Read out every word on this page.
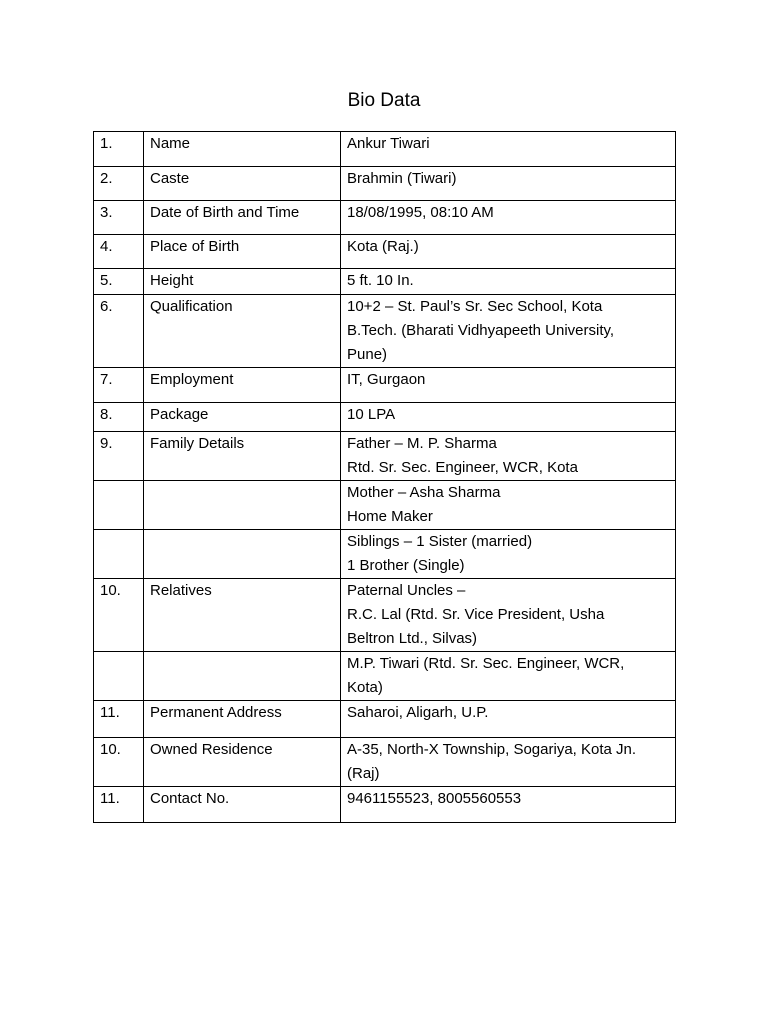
Bio Data
1.	Name	Ankur Tiwari

2.	Caste	Brahmin (Tiwari)

3.	Date of Birth and Time	18/08/1995, 08:10 AM

4.	Place of Birth	Kota (Raj.)

5.	Height	5 ft. 10 In.

6.	Qualification	10+2 – St. Paul’s Sr. Sec School, Kota
B.Tech. (Bharati Vidhyapeeth University,
Pune)

7.	Employment	IT, Gurgaon

8.	Package	10 LPA

9.	Family Details	Father – M. P. Sharma
Rtd. Sr. Sec. Engineer, WCR, Kota

		Mother – Asha Sharma
Home Maker

		Siblings – 1 Sister (married)
1 Brother (Single)

10.	Relatives	Paternal Uncles –
R.C. Lal (Rtd. Sr. Vice President, Usha
Beltron Ltd., Silvas)

		M.P. Tiwari (Rtd. Sr. Sec. Engineer, WCR,
Kota)

11.	Permanent Address	Saharoi, Aligarh, U.P.

10.	Owned Residence	A-35, North-X Township, Sogariya, Kota Jn.
(Raj)

11.	Contact No.	9461155523, 8005560553
